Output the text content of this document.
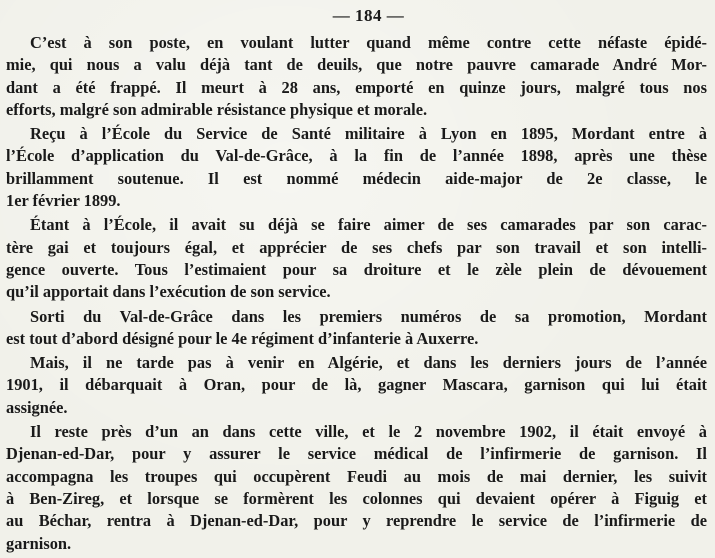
— 184 —
C’est à son poste, en voulant lutter quand même contre cette néfaste épidé-
mie, qui nous a valu déjà tant de deuils, que notre pauvre camarade André Mor-
dant a été frappé. Il meurt à 28 ans, emporté en quinze jours, malgré tous nos
efforts, malgré son admirable résistance physique et morale.
Reçu à l’École du Service de Santé militaire à Lyon en 1895, Mordant entre à
l’École d’application du Val-de-Grâce, à la fin de l’année 1898, après une thèse
brillamment soutenue. Il est nommé médecin aide-major de 2e classe, le
1er février 1899.
Étant à l’École, il avait su déjà se faire aimer de ses camarades par son carac-
tère gai et toujours égal, et apprécier de ses chefs par son travail et son intelli-
gence ouverte. Tous l’estimaient pour sa droiture et le zèle plein de dévouement
qu’il apportait dans l’exécution de son service.
Sorti du Val-de-Grâce dans les premiers numéros de sa promotion, Mordant
est tout d’abord désigné pour le 4e régiment d’infanterie à Auxerre.
Mais, il ne tarde pas à venir en Algérie, et dans les derniers jours de l’année
1901, il débarquait à Oran, pour de là, gagner Mascara, garnison qui lui était
assignée.
Il reste près d’un an dans cette ville, et le 2 novembre 1902, il était envoyé à
Djenan-ed-Dar, pour y assurer le service médical de l’infirmerie de garnison. Il
accompagna les troupes qui occupèrent Feudi au mois de mai dernier, les suivit
à Ben-Zireg, et lorsque se formèrent les colonnes qui devaient opérer à Figuig et
au Béchar, rentra à Djenan-ed-Dar, pour y reprendre le service de l’infirmerie de
garnison.
